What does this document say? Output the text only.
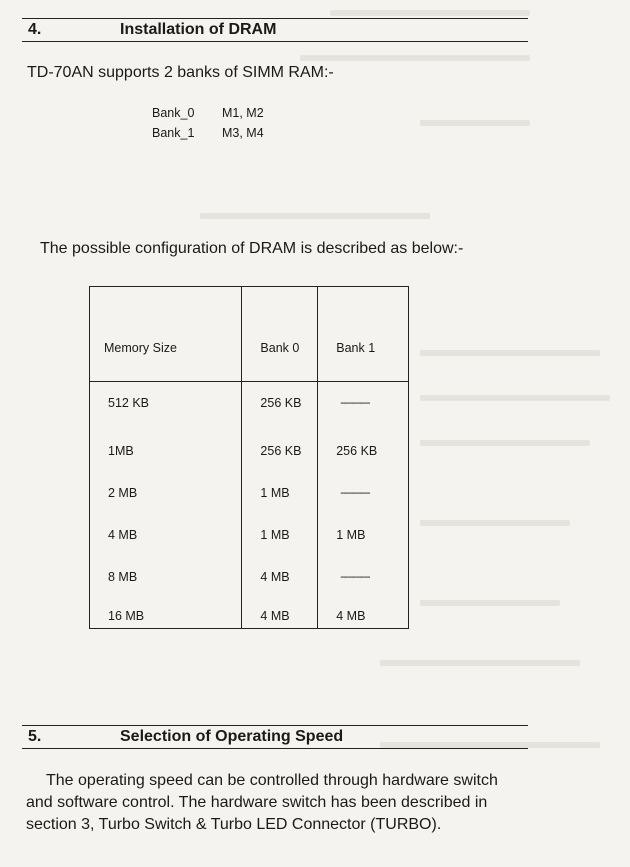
4.	Installation of DRAM
TD-70AN supports 2 banks of SIMM RAM:-
Bank_0	M1, M2
Bank_1	M3, M4
The possible configuration of DRAM is described as below:-
Memory Size	Bank 0	Bank 1
512 KB	256 KB	-----------
1MB	256 KB	256 KB
2 MB	1 MB	-----------
4 MB	1 MB	1 MB
8 MB	4 MB	-----------
16 MB	4 MB	4 MB
5.	Selection of Operating Speed
The operating speed can be controlled through hardware switch
and software control. The hardware switch has been described in
section 3, Turbo Switch & Turbo LED Connector (TURBO).
